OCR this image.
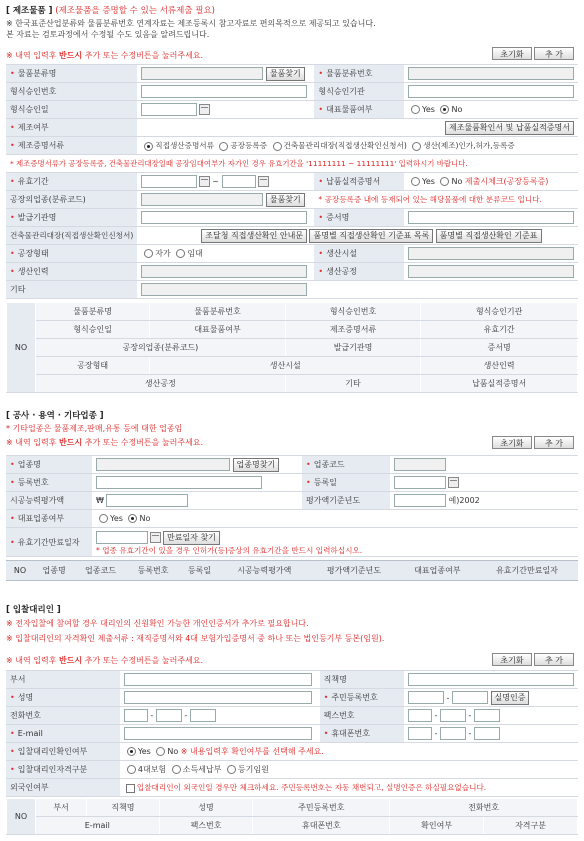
[ 제조물품 ] (제조물품을 증명할 수 있는 서류제출 필요)
※ 한국표준산업분류와 물품분류번호 연계자료는 제조등록시 참고자료로 편의목적으로 제공되고 있습니다.
본 자료는 검토과정에서 수정될 수도 있음을 알려드립니다.
※ 내역 입력후 반드시 추가 또는 수정버튼을 눌러주세요.	초기화	추 가
• 물품분류명	물품찾기	• 물품분류번호	
형식승인번호		형식승인기관	
형식승인일		• 대표물품여부	Yes No
• 제조여부	제조물품확인서 및 납품실적증명서		
• 제조증명서류	직접생산증명서류 공장등록증 건축물관리대장(직접생산확인신청서) 생산(제조)인가,허가,등록증		
* 제조증명서류가 공장등록증, 건축물관리대장일때 공장임대여부가 자가인 경우 유효기간을 '11111111 ~ 11111111' 입력하시기 바랍니다.			
• 유효기간	~	• 납품실적증명서	Yes No 제출시체크(공장등록증)
공장의업종(분류코드)	물품찾기	* 공장등록증 내에 등재되어 있는 해당물품에 대한 분류코드 입니다.	
• 발급기관명		• 증서명	
건축물관리대장(직접생산확인신청서)	조달청 직접생산확인 안내문 품명별 직접생산확인 기준표 목록 품명별 직접생산확인 기준표		
• 공장형태	자가 임대	• 생산시설	
• 생산인력		• 생산공정	
기타			
NO	물품분류명	물품분류번호	형식승인번호	형식승인기관
	형식승인일	대표물품여부	제조증명서류	유효기간
	공장의업종(분류코드)		발급기관명	증서명
	공장형태	생산시설		생산인력
	생산공정		기타	납품실적증명서
[ 공사 · 용역 · 기타업종 ]
* 기타업종은 물품제조,판매,유통 등에 대한 업종임
※ 내역 입력후 반드시 추가 또는 수정버튼을 눌러주세요.	초기화	추 가
• 업종명	업종명찾기	• 업종코드	
• 등록번호		• 등록일	
시공능력평가액	₩	평가액기준년도	예)2002
• 대표업종여부	Yes No		
• 유효기간만료일자	만료일자 찾기
* 업종 유효기간이 있을 경우 인허가(등)증상의 유효기간을 반드시 입력하십시오.		
NO	업종명	업종코드	등록번호	등록일	시공능력평가액	평가액기준년도	대표업종여부	유효기간만료일자
[ 입찰대리인 ]
※ 전자입찰에 참여할 경우 대리인의 신원확인 가능한 개인인증서가 추가로 필요합니다.
※ 입찰대리인의 자격확인 제출서류 : 재직증명서와 4대 보험가입증명서 중 하나 또는 법인등기부 등본(임원).
※ 내역 입력후 반드시 추가 또는 수정버튼을 눌러주세요.	초기화	추 가
부서		직책명	
• 성명		• 주민등록번호	- 실명인증
전화번호	- -	팩스번호	- -
• E-mail		• 휴대폰번호	- -
• 입찰대리인확인여부	Yes No ※ 내용입력후 확인여부를 선택해 주세요.		
• 입찰대리인자격구분	4대보험 소득세납부 등기임원		
외국인여부	입찰대리인이 외국인일 경우만 체크하세요. 주민등록번호는 자동 채번되고, 실명인증은 하실필요없습니다.		
NO	부서	직책명	성명	주민등록번호	전화번호	
	E-mail		팩스번호	휴대폰번호	확인여부	자격구분
